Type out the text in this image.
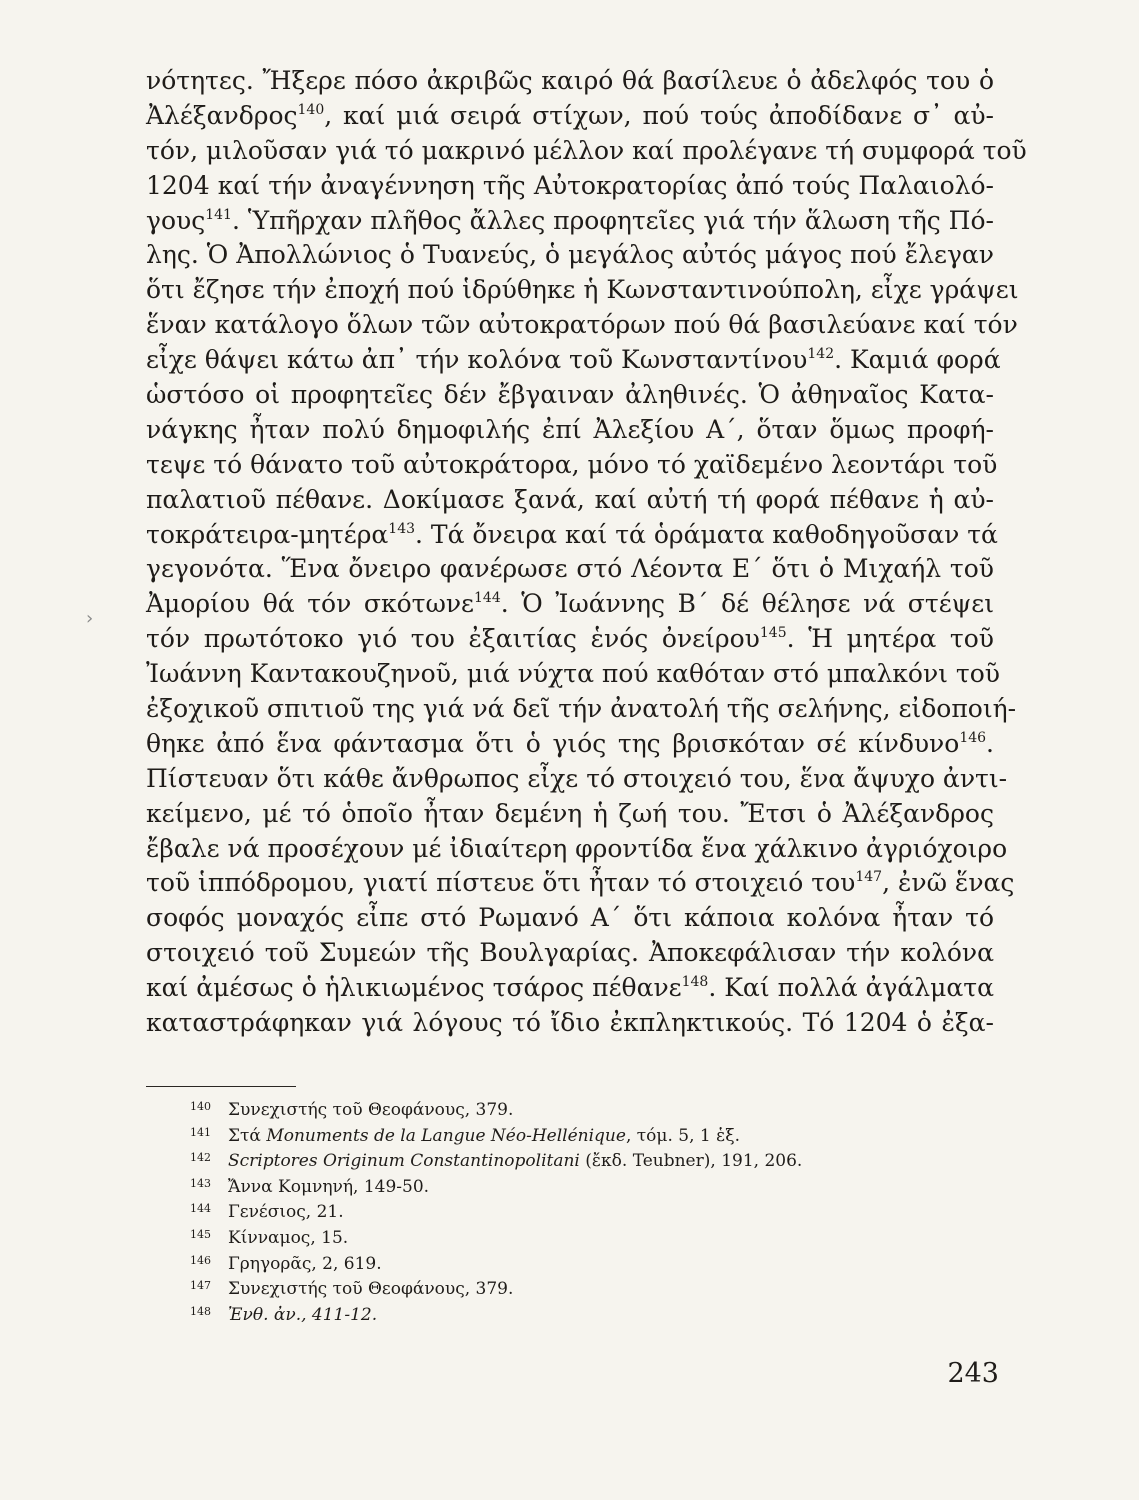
νότητες. Ἤξερε πόσο ἀκριβῶς καιρό θά βασίλευε ὁ ἀδελφός του ὁ
Ἀλέξανδρος$^{140}$, καί μιά σειρά στίχων, πού τούς ἀποδίδανε σ᾽ αὐ-
τόν, μιλοῦσαν γιά τό μακρινό μέλλον καί προλέγανε τή συμφορά τοῦ
1204 καί τήν ἀναγέννηση τῆς Αὐτοκρατορίας ἀπό τούς Παλαιολό-
γους$^{141}$. Ὑπῆρχαν πλῆθος ἄλλες προφητεῖες γιά τήν ἅλωση τῆς Πό-
λης. Ὁ Ἀπολλώνιος ὁ Τυανεύς, ὁ μεγάλος αὐτός μάγος πού ἔλεγαν
ὅτι ἔζησε τήν ἐποχή πού ἱδρύθηκε ἡ Κωνσταντινούπολη, εἶχε γράψει
ἕναν κατάλογο ὅλων τῶν αὐτοκρατόρων πού θά βασιλεύανε καί τόν
εἶχε θάψει κάτω ἀπ᾽ τήν κολόνα τοῦ Κωνσταντίνου$^{142}$. Καμιά φορά
ὡστόσο οἱ προφητεῖες δέν ἔβγαιναν ἀληθινές. Ὁ ἀθηναῖος Κατα-
νάγκης ἦταν πολύ δημοφιλής ἐπί Ἀλεξίου Α΄, ὅταν ὅμως προφή-
τεψε τό θάνατο τοῦ αὐτοκράτορα, μόνο τό χαϊδεμένο λεοντάρι τοῦ
παλατιοῦ πέθανε. Δοκίμασε ξανά, καί αὐτή τή φορά πέθανε ἡ αὐ-
τοκράτειρα-μητέρα$^{143}$. Τά ὄνειρα καί τά ὁράματα καθοδηγοῦσαν τά
γεγονότα. Ἕνα ὄνειρο φανέρωσε στό Λέοντα Ε΄ ὅτι ὁ Μιχαήλ τοῦ
Ἀμορίου θά τόν σκότωνε$^{144}$. Ὁ Ἰωάννης Β΄ δέ θέλησε νά στέψει
τόν πρωτότοκο γιό του ἐξαιτίας ἑνός ὀνείρου$^{145}$. Ἡ μητέρα τοῦ
Ἰωάννη Καντακουζηνοῦ, μιά νύχτα πού καθόταν στό μπαλκόνι τοῦ
ἐξοχικοῦ σπιτιοῦ της γιά νά δεῖ τήν ἀνατολή τῆς σελήνης, εἰδοποιή-
θηκε ἀπό ἕνα φάντασμα ὅτι ὁ γιός της βρισκόταν σέ κίνδυνο$^{146}$.
Πίστευαν ὅτι κάθε ἄνθρωπος εἶχε τό στοιχειό του, ἕνα ἄψυχο ἀντι-
κείμενο, μέ τό ὁποῖο ἦταν δεμένη ἡ ζωή του. Ἔτσι ὁ Ἀλέξανδρος
ἔβαλε νά προσέχουν μέ ἰδιαίτερη φροντίδα ἕνα χάλκινο ἀγριόχοιρο
τοῦ ἱππόδρομου, γιατί πίστευε ὅτι ἦταν τό στοιχειό του$^{147}$, ἐνῶ ἕνας
σοφός μοναχός εἶπε στό Ρωμανό Α΄ ὅτι κάποια κολόνα ἦταν τό
στοιχειό τοῦ Συμεών τῆς Βουλγαρίας. Ἀποκεφάλισαν τήν κολόνα
καί ἀμέσως ὁ ἡλικιωμένος τσάρος πέθανε$^{148}$. Καί πολλά ἀγάλματα
καταστράφηκαν γιά λόγους τό ἴδιο ἐκπληκτικούς. Τό 1204 ὁ ἐξα-
›
140 Συνεχιστής τοῦ Θεοφάνους, 379.
141 Στά Monuments de la Langue Néo-Hellénique, τόμ. 5, 1 ἑξ.
142 Scriptores Originum Constantinopolitani (ἔκδ. Teubner), 191, 206.
143 Ἄννα Κομνηνή, 149-50.
144 Γενέσιος, 21.
145 Κίνναμος, 15.
146 Γρηγορᾶς, 2, 619.
147 Συνεχιστής τοῦ Θεοφάνους, 379.
148 Ἐνθ. ἀν., 411-12.
243
